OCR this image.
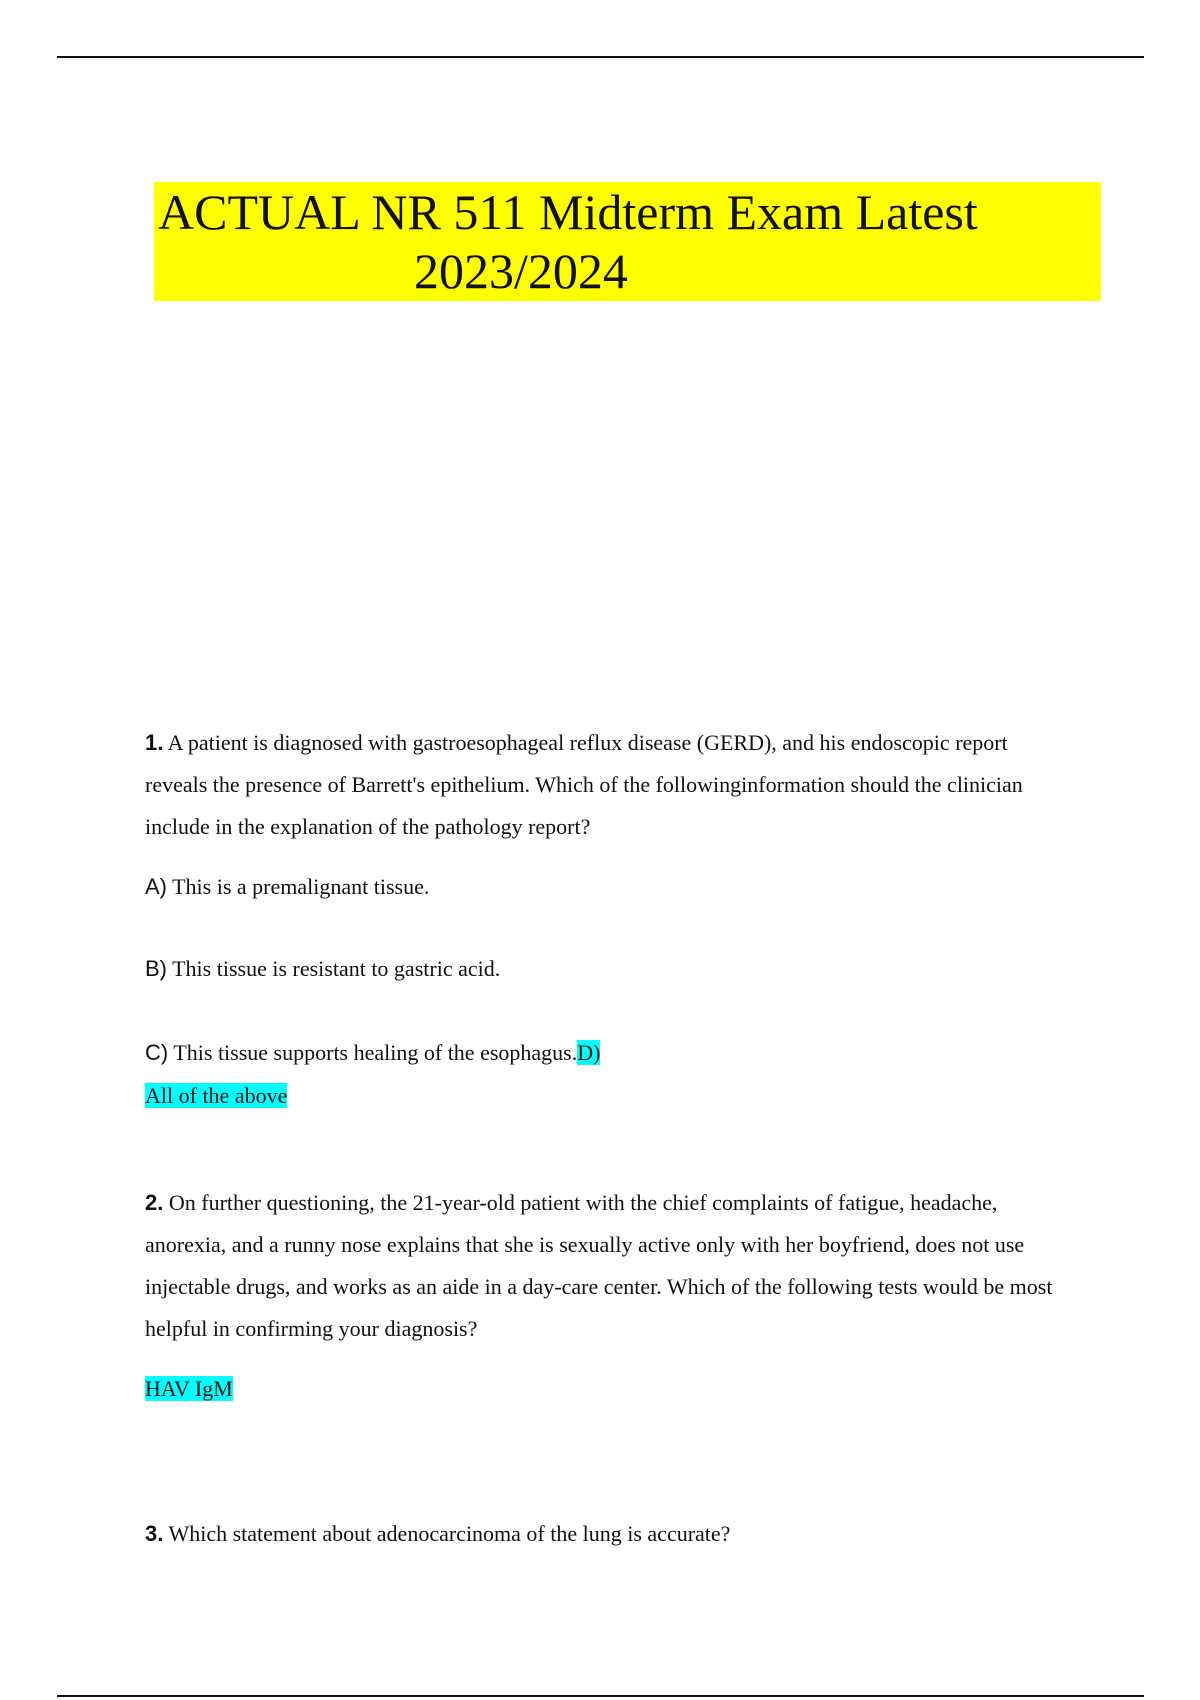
ACTUAL NR 511 Midterm Exam Latest
2023/2024
1. A patient is diagnosed with gastroesophageal reflux disease (GERD), and his endoscopic report reveals the presence of Barrett's epithelium. Which of the followinginformation should the clinician include in the explanation of the pathology report?
A) This is a premalignant tissue.
B) This tissue is resistant to gastric acid.
C) This tissue supports healing of the esophagus.D)
All of the above
2. On further questioning, the 21-year-old patient with the chief complaints of fatigue, headache, anorexia, and a runny nose explains that she is sexually active only with her boyfriend, does not use injectable drugs, and works as an aide in a day-care center. Which of the following tests would be most helpful in confirming your diagnosis?
HAV IgM
3. Which statement about adenocarcinoma of the lung is accurate?
